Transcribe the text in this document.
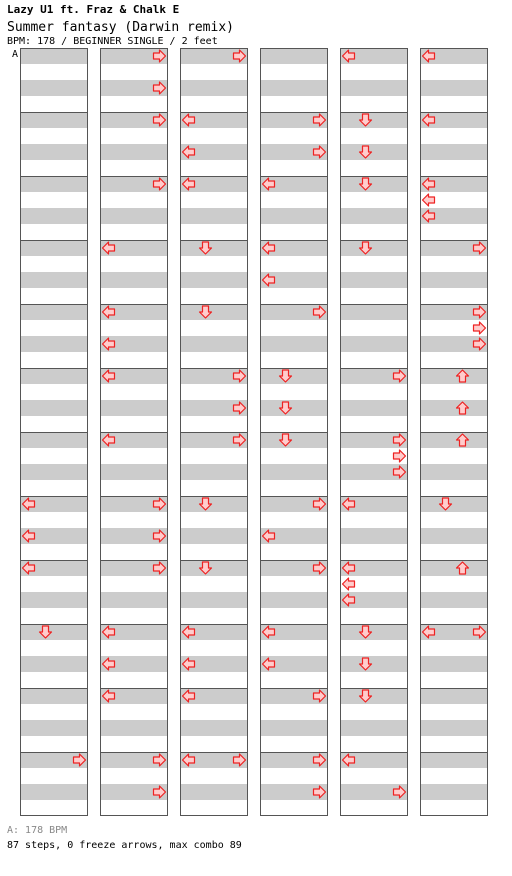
Lazy U1 ft. Fraz & Chalk E
Summer fantasy (Darwin remix)
BPM: 178 / BEGINNER SINGLE / 2 feet
A
A: 178 BPM
87 steps, 0 freeze arrows, max combo 89
